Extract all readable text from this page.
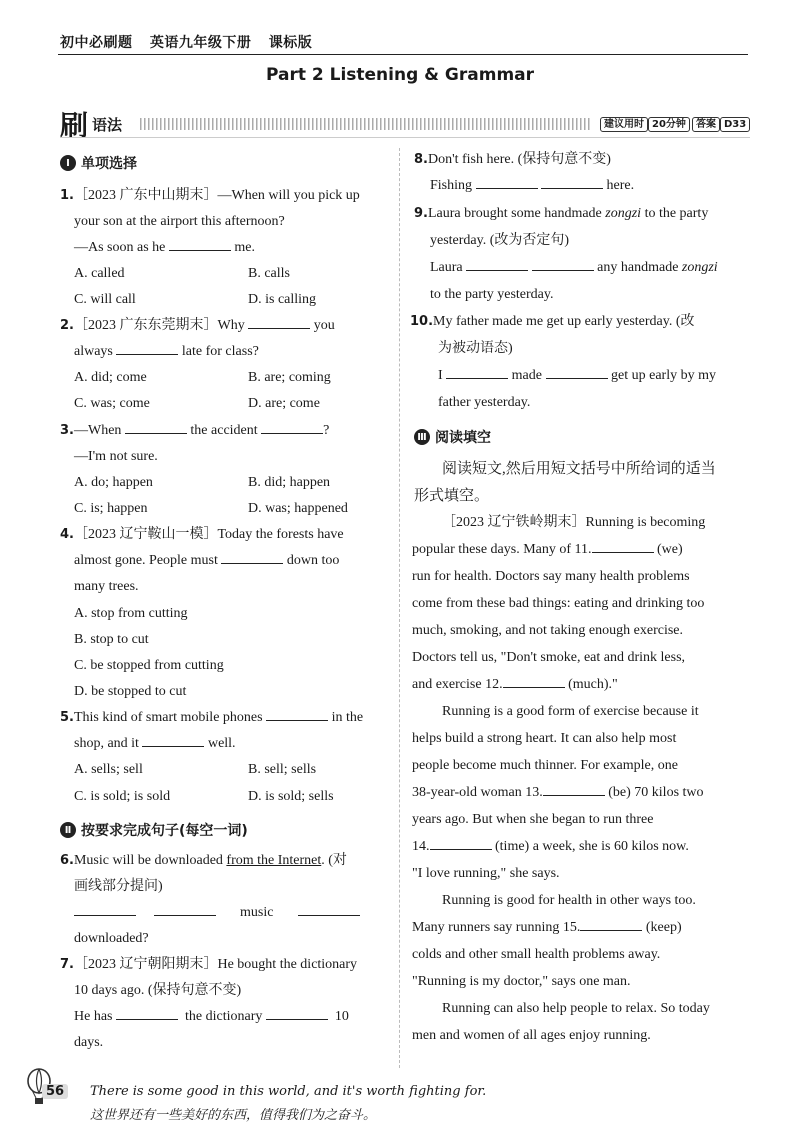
初中必刷题 英语九年级下册 课标版
Part 2 Listening & Grammar
刷 语法	建议用时 20分钟	答案 D33
Ⅰ 单项选择
1.［2023 广东中山期末］—When will you pick up
your son at the airport this afternoon?
—As soon as he	me.
A. called	B. calls
C. will call	D. is calling
2.［2023 广东东莞期末］Why	you
always	late for class?
A. did; come	B. are; coming
C. was; come	D. are; come
3.—When	the accident	?
—I'm not sure.
A. do; happen	B. did; happen
C. is; happen	D. was; happened
4.［2023 辽宁鞍山一模］Today the forests have
almost gone. People must	down too
many trees.
A. stop from cutting
B. stop to cut
C. be stopped from cutting
D. be stopped to cut
5.This kind of smart mobile phones	in the
shop, and it	well.
A. sells; sell	B. sell; sells
C. is sold; is sold	D. is sold; sells
Ⅱ 按要求完成句子(每空一词)
6.Music will be downloaded from the Internet. (对
画线部分提问)
music
downloaded?
7.［2023 辽宁朝阳期末］He bought the dictionary
10 days ago. (保持句意不变)
He has	the dictionary	10
days.
8.Don't fish here. (保持句意不变)
Fishing	here.
9.Laura brought some handmade zongzi to the party
yesterday. (改为否定句)
Laura	any handmade zongzi
to the party yesterday.
10.My father made me get up early yesterday. (改
为被动语态)
I	made	get up early by my
father yesterday.
Ⅲ 阅读填空
阅读短文,然后用短文括号中所给词的适当
形式填空。
［2023 辽宁铁岭期末］Running is becoming
popular these days. Many of 11.	(we)
run for health. Doctors say many health problems
come from these bad things: eating and drinking too
much, smoking, and not taking enough exercise.
Doctors tell us, "Don't smoke, eat and drink less,
and exercise 12.	(much)."
Running is a good form of exercise because it
helps build a strong heart. It can also help most
people become much thinner. For example, one
38-year-old woman 13.	(be) 70 kilos two
years ago. But when she began to run three
14.	(time) a week, she is 60 kilos now.
"I love running," she says.
Running is good for health in other ways too.
Many runners say running 15.	(keep)
colds and other small health problems away.
"Running is my doctor," says one man.
Running can also help people to relax. So today
men and women of all ages enjoy running.
56	There is some good in this world, and it's worth fighting for.
这世界还有一些美好的东西，值得我们为之奋斗。
